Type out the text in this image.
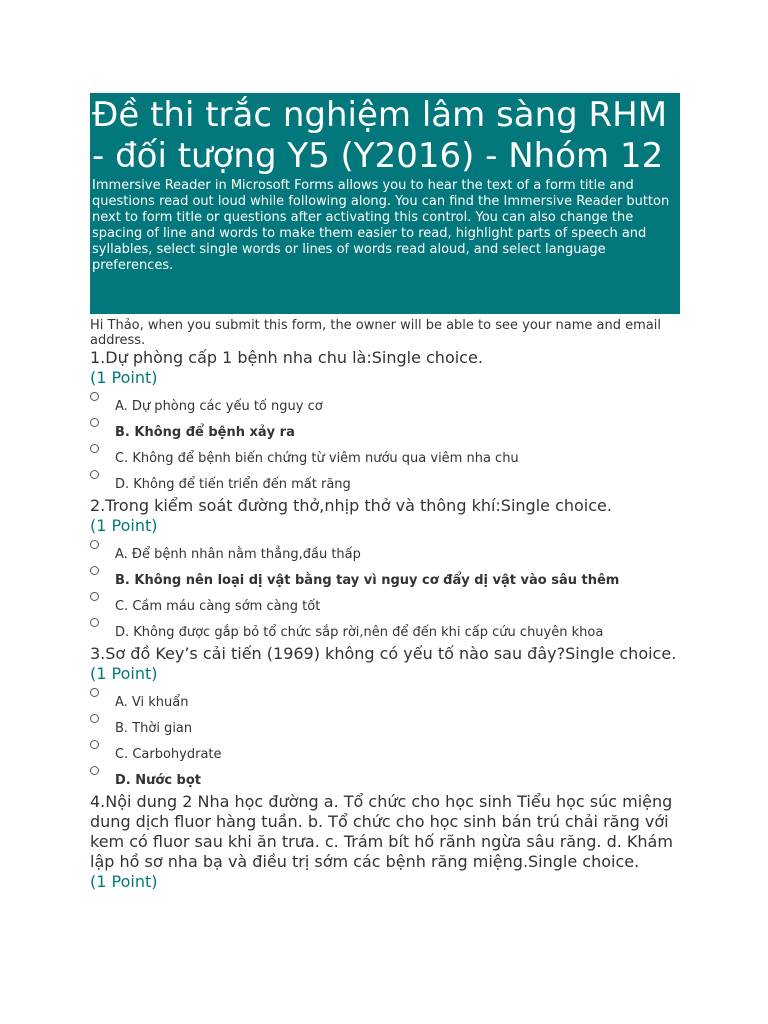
Đề thi trắc nghiệm lâm sàng RHM - đối tượng Y5 (Y2016) - Nhóm 12
Immersive Reader in Microsoft Forms allows you to hear the text of a form title and questions read out loud while following along. You can find the Immersive Reader button next to form title or questions after activating this control. You can also change the spacing of line and words to make them easier to read, highlight parts of speech and syllables, select single words or lines of words read aloud, and select language preferences.
Hi Thảo, when you submit this form, the owner will be able to see your name and email address.
1.Dự phòng cấp 1 bệnh nha chu là:Single choice.
(1 Point)
A. Dự phòng các yếu tố nguy cơ
B. Không để bệnh xảy ra
C. Không để bệnh biến chứng từ viêm nướu qua viêm nha chu
D. Không để tiến triển đến mất răng
2.Trong kiểm soát đường thở,nhịp thở và thông khí:Single choice.
(1 Point)
A. Để bệnh nhân nằm thẳng,đầu thấp
B. Không nên loại dị vật bằng tay vì nguy cơ đẩy dị vật vào sâu thêm
C. Cầm máu càng sớm càng tốt
D. Không được gắp bỏ tổ chức sắp rời,nên để đến khi cấp cứu chuyên khoa
3.Sơ đồ Key’s cải tiến (1969) không có yếu tố nào sau đây?Single choice.
(1 Point)
A. Vi khuẩn
B. Thời gian
C. Carbohydrate
D. Nước bọt
4.Nội dung 2 Nha học đường a. Tổ chức cho học sinh Tiểu học súc miệng dung dịch fluor hàng tuần. b. Tổ chức cho học sinh bán trú chải răng với kem có fluor sau khi ăn trưa. c. Trám bít hố rãnh ngừa sâu răng. d. Khám lập hồ sơ nha bạ và điều trị sớm các bệnh răng miệng.Single choice.
(1 Point)
